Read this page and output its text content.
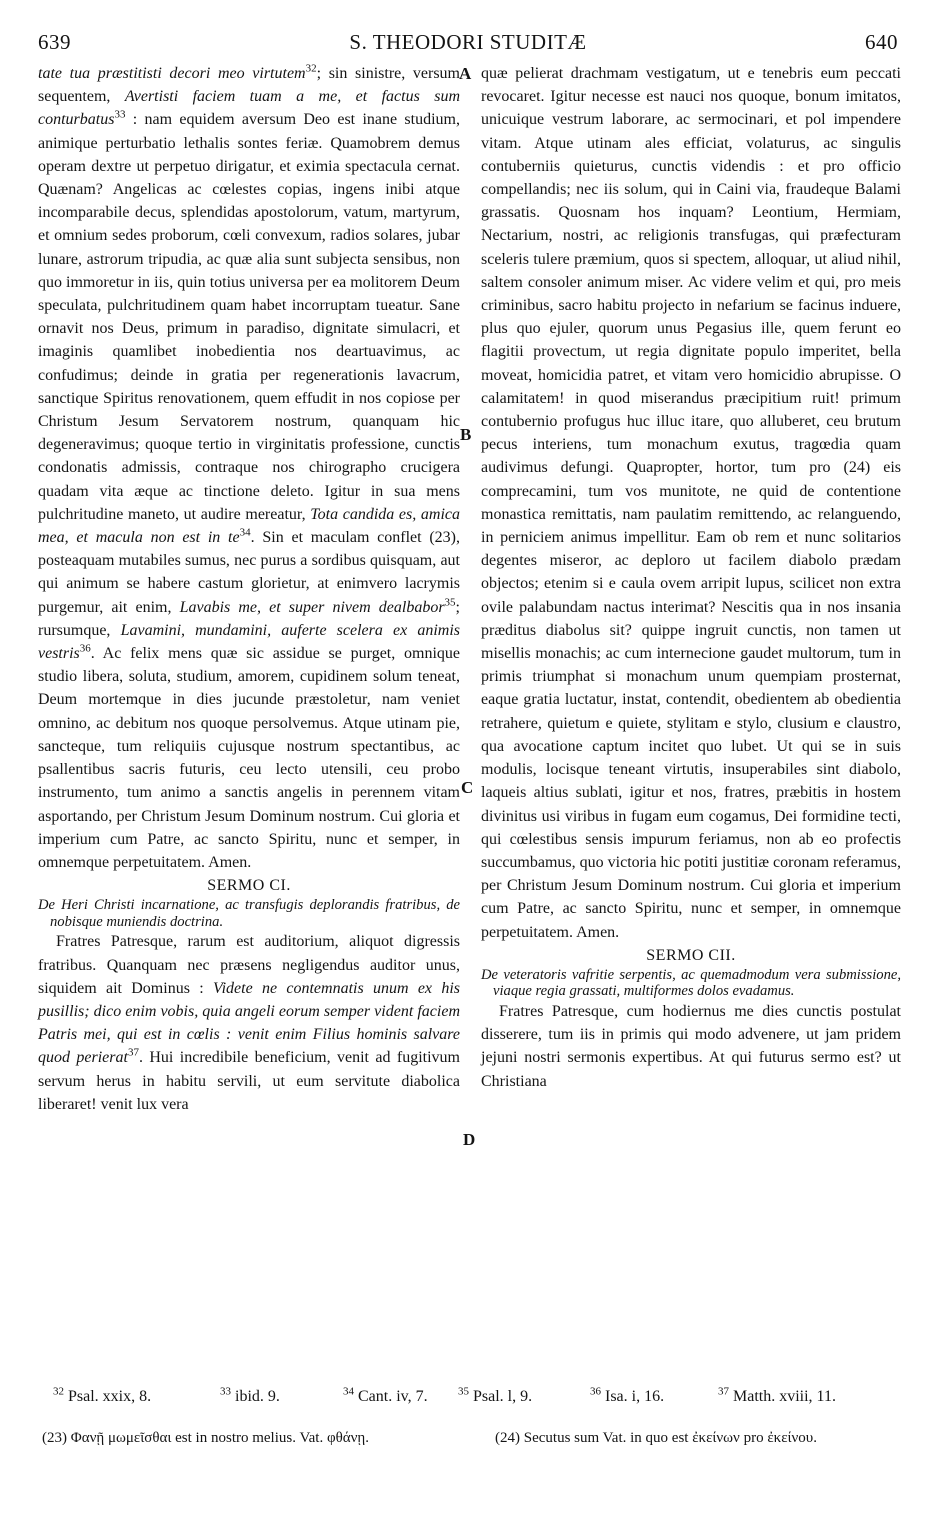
639	S. THEODORI STUDITÆ	640

tate tua præstitisti decori meo virtutem$^{32}$; sin sinistre, versum sequentem, Avertisti faciem tuam a me, et factus sum conturbatus$^{33}$ : nam equidem aversum Deo est inane studium, animique perturbatio lethalis sontes feriæ. Quamobrem demus operam dextre ut perpetuo dirigatur, et eximia spectacula cernat. Quænam? Angelicas ac cœlestes copias, ingens inibi atque incomparabile decus, splendidas apostolorum, vatum, martyrum, et omnium sedes proborum, cœli convexum, radios solares, jubar lunare, astrorum tripudia, ac quæ alia sunt subjecta sensibus, non quo immoretur in iis, quin totius universa per ea molitorem Deum speculata, pulchritudinem quam habet incorruptam tueatur. Sane ornavit nos Deus, primum in paradiso, dignitate simulacri, et imaginis quamlibet inobedientia nos deartuavimus, ac confudimus; deinde in gratia per regenerationis lavacrum, sanctique Spiritus renovationem, quem effudit in nos copiose per Christum Jesum Servatorem nostrum, quanquam hic degeneravimus; quoque tertio in virginitatis professione, cunctis condonatis admissis, contraque nos chirographo crucigera quadam vita æque ac tinctione deleto. Igitur in sua mens pulchritudine maneto, ut audire mereatur, Tota candida es, amica mea, et macula non est in te$^{34}$. Sin et maculam conflet (23), posteaquam mutabiles sumus, nec purus a sordibus quisquam, aut qui animum se habere castum glorietur, at enimvero lacrymis purgemur, ait enim, Lavabis me, et super nivem dealbabor$^{35}$; rursumque, Lavamini, mundamini, auferte scelera ex animis vestris$^{36}$. Ac felix mens quæ sic assidue se purget, omnique studio libera, soluta, studium, amorem, cupidinem solum teneat, Deum mortemque in dies jucunde præstoletur, nam veniet omnino, ac debitum nos quoque persolvemus. Atque utinam pie, sancteque, tum reliquiis cujusque nostrum spectantibus, ac psallentibus sacris futuris, ceu lecto utensili, ceu probo instrumento, tum animo a sanctis angelis in perennem vitam asportando, per Christum Jesum Dominum nostrum. Cui gloria et imperium cum Patre, ac sancto Spiritu, nunc et semper, in omnemque perpetuitatem. Amen.

SERMO CI.

De Heri Christi incarnatione, ac transfugis deplorandis fratribus, de nobisque muniendis doctrina.

Fratres Patresque, rarum est auditorium, aliquot digressis fratribus. Quanquam nec præsens negligendus auditor unus, siquidem ait Dominus : Videte ne contemnatis unum ex his pusillis; dico enim vobis, quia angeli eorum semper vident faciem Patris mei, qui est in cœlis : venit enim Filius hominis salvare quod perierat$^{37}$. Hui incredibile beneficium, venit ad fugitivum servum herus in habitu servili, ut eum servitute diabolica liberaret! venit lux vera

quæ pelierat drachmam vestigatum, ut e tenebris eum peccati revocaret. Igitur necesse est nauci nos quoque, bonum imitatos, unicuique vestrum laborare, ac sermocinari, et pol impendere vitam. Atque utinam ales efficiat, volaturus, ac singulis contuberniis quieturus, cunctis videndis : et pro officio compellandis; nec iis solum, qui in Caini via, fraudeque Balami grassatis. Quosnam hos inquam? Leontium, Hermiam, Nectarium, nostri, ac religionis transfugas, qui præfecturam sceleris tulere præmium, quos si spectem, alloquar, ut aliud nihil, saltem consoler animum miser. Ac videre velim et qui, pro meis criminibus, sacro habitu projecto in nefarium se facinus induere, plus quo ejuler, quorum unus Pegasius ille, quem ferunt eo flagitii provectum, ut regia dignitate populo imperitet, bella moveat, homicidia patret, et vitam vero homicidio abrupisse. O calamitatem! in quod miserandus præcipitium ruit! primum contubernio profugus huc illuc itare, quo alluberet, ceu brutum pecus interiens, tum monachum exutus, tragœdia quam audivimus defungi. Quapropter, hortor, tum pro (24) eis comprecamini, tum vos munitote, ne quid de contentione monastica remittatis, nam paulatim remittendo, ac relanguendo, in perniciem animus impellitur. Eam ob rem et nunc solitarios degentes miseror, ac deploro ut facilem diabolo prædam objectos; etenim si e caula ovem arripit lupus, scilicet non extra ovile palabundam nactus interimat? Nescitis qua in nos insania præditus diabolus sit? quippe ingruit cunctis, non tamen ut misellis monachis; ac cum internecione gaudet multorum, tum in primis triumphat si monachum unum quempiam prosternat, eaque gratia luctatur, instat, contendit, obedientem ab obedientia retrahere, quietum e quiete, stylitam e stylo, clusium e claustro, qua avocatione captum incitet quo lubet. Ut qui se in suis modulis, locisque teneant virtutis, insuperabiles sint diabolo, laqueis altius sublati, igitur et nos, fratres, præbitis in hostem divinitus usi viribus in fugam eum cogamus, Dei formidine tecti, qui cœlestibus sensis impurum feriamus, non ab eo profectis succumbamus, quo victoria hic potiti justitiæ coronam referamus, per Christum Jesum Dominum nostrum. Cui gloria et imperium cum Patre, ac sancto Spiritu, nunc et semper, in omnemque perpetuitatem. Amen.

SERMO CII.

De veteratoris vafritie serpentis, ac quemadmodum vera submissione, viaque regia grassati, multiformes dolos evadamus.

Fratres Patresque, cum hodiernus me dies cunctis postulat disserere, tum iis in primis qui modo advenere, ut jam pridem jejuni nostri sermonis expertibus. At qui futurus sermo est? ut Christiana

A
B
C
D
$^{32}$ Psal. xxix, 8.	$^{33}$ ibid. 9.	$^{34}$ Cant. iv, 7.	$^{35}$ Psal. l, 9.	$^{36}$ Isa. i, 16.	$^{37}$ Matth. xviii, 11.
(23) Φανῇ μωμεῖσθαι est in nostro melius. Vat. φθάνῃ.	(24) Secutus sum Vat. in quo est ἐκείνων pro ἐκείνου.
